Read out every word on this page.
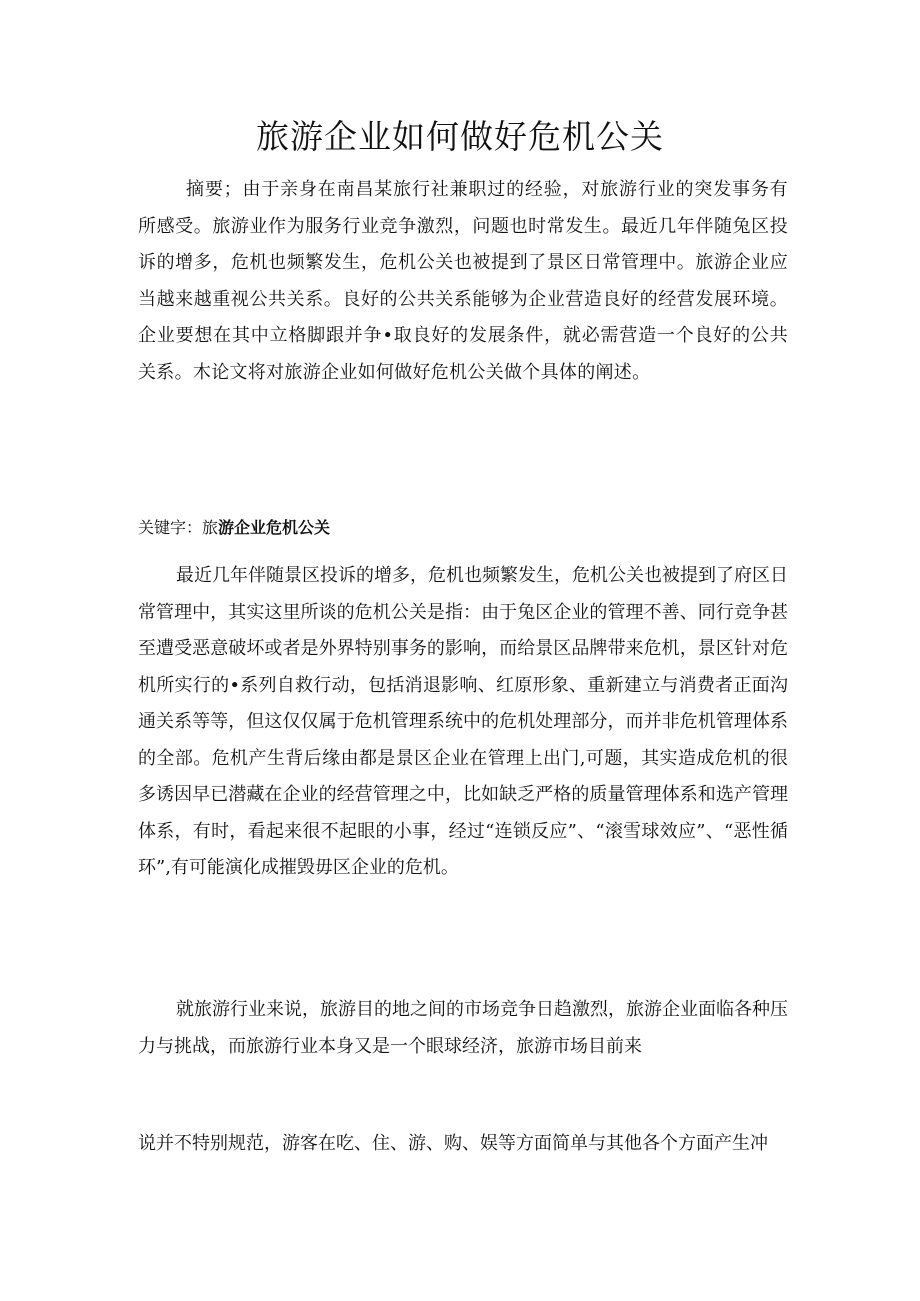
旅游企业如何做好危机公关

摘要；由于亲身在南昌某旅行社兼职过的经验，对旅游行业的突发事务有所感受。旅游业作为服务行业竞争激烈，问题也时常发生。最近几年伴随兔区投诉的增多，危机也频繁发生，危机公关也被提到了景区日常管理中。旅游企业应当越来越重视公共关系。良好的公共关系能够为企业营造良好的经营发展环境。企业要想在其中立格脚跟并争•取良好的发展条件，就必需营造一个良好的公共关系。木论文将对旅游企业如何做好危机公关做个具体的阐述。

关键字：旅游企业危机公关

最近几年伴随景区投诉的增多，危机也频繁发生，危机公关也被提到了府区日常管理中，其实这里所谈的危机公关是指：由于兔区企业的管理不善、同行竞争甚至遭受恶意破坏或者是外界特别事务的影响，而给景区品牌带来危机，景区针对危机所实行的•系列自救行动，包括消退影响、红原形象、重新建立与消费者正面沟通关系等等，但这仅仅属于危机管理系统中的危机处理部分，而并非危机管理体系的全部。危机产生背后缘由都是景区企业在管理上出门,可题，其实造成危机的很多诱因早已潜藏在企业的经营管理之中，比如缺乏严格的质量管理体系和选产管理体系，有时，看起来很不起眼的小事，经过“连锁反应”、“滚雪球效应”、“恶性循环”,有可能演化成摧毁毋区企业的危机。

就旅游行业来说，旅游目的地之间的市场竞争日趋激烈，旅游企业面临各种压力与挑战，而旅游行业本身又是一个眼球经济，旅游市场目前来

说并不特别规范，游客在吃、住、游、购、娱等方面简单与其他各个方面产生冲
